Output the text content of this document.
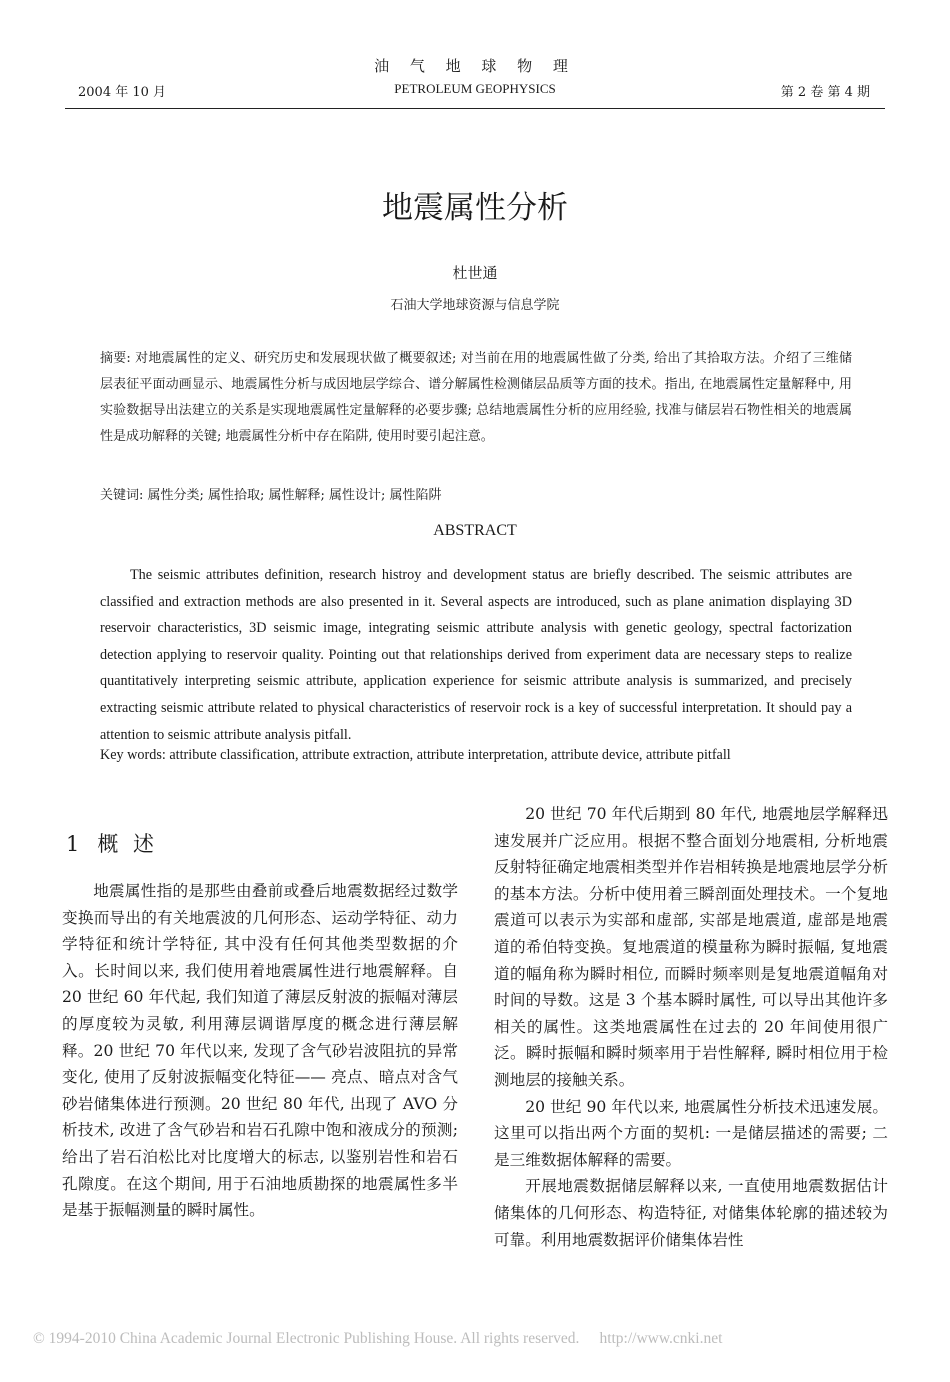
油 气 地 球 物 理
2004 年 10 月	PETROLEUM GEOPHYSICS	第 2 卷 第 4 期
地震属性分析
杜世通
石油大学地球资源与信息学院
摘要: 对地震属性的定义、研究历史和发展现状做了概要叙述; 对当前在用的地震属性做了分类, 给出了其拾取方法。介绍了三维储层表征平面动画显示、地震属性分析与成因地层学综合、谱分解属性检测储层品质等方面的技术。指出, 在地震属性定量解释中, 用实验数据导出法建立的关系是实现地震属性定量解释的必要步骤; 总结地震属性分析的应用经验, 找准与储层岩石物性相关的地震属性是成功解释的关键; 地震属性分析中存在陷阱, 使用时要引起注意。
关键词: 属性分类; 属性拾取; 属性解释; 属性设计; 属性陷阱
ABSTRACT
The seismic attributes definition, research histroy and development status are briefly described. The seismic attributes are classified and extraction methods are also presented in it. Several aspects are introduced, such as plane animation displaying 3D reservoir characteristics, 3D seismic image, integrating seismic attribute analysis with genetic geology, spectral factorization detection applying to reservoir quality. Pointing out that relationships derived from experiment data are necessary steps to realize quantitatively interpreting seismic attribute, application experience for seismic attribute analysis is summarized, and precisely extracting seismic attribute related to physical characteristics of reservoir rock is a key of successful interpretation. It should pay a attention to seismic attribute analysis pitfall.
Key words: attribute classification, attribute extraction, attribute interpretation, attribute device, attribute pitfall
1 概 述

地震属性指的是那些由叠前或叠后地震数据经过数学变换而导出的有关地震波的几何形态、运动学特征、动力学特征和统计学特征, 其中没有任何其他类型数据的介入。长时间以来, 我们使用着地震属性进行地震解释。自 20 世纪 60 年代起, 我们知道了薄层反射波的振幅对薄层的厚度较为灵敏, 利用薄层调谐厚度的概念进行薄层解释。20 世纪 70 年代以来, 发现了含气砂岩波阻抗的异常变化, 使用了反射波振幅变化特征—— 亮点、暗点对含气砂岩储集体进行预测。20 世纪 80 年代, 出现了 AVO 分析技术, 改进了含气砂岩和岩石孔隙中饱和液成分的预测; 给出了岩石泊松比对比度增大的标志, 以鉴别岩性和岩石孔隙度。在这个期间, 用于石油地质勘探的地震属性多半是基于振幅测量的瞬时属性。

20 世纪 70 年代后期到 80 年代, 地震地层学解释迅速发展并广泛应用。根据不整合面划分地震相, 分析地震反射特征确定地震相类型并作岩相转换是地震地层学分析的基本方法。分析中使用着三瞬剖面处理技术。一个复地震道可以表示为实部和虚部, 实部是地震道, 虚部是地震道的希伯特变换。复地震道的模量称为瞬时振幅, 复地震道的幅角称为瞬时相位, 而瞬时频率则是复地震道幅角对时间的导数。这是 3 个基本瞬时属性, 可以导出其他许多相关的属性。这类地震属性在过去的 20 年间使用很广泛。瞬时振幅和瞬时频率用于岩性解释, 瞬时相位用于检测地层的接触关系。

20 世纪 90 年代以来, 地震属性分析技术迅速发展。这里可以指出两个方面的契机: 一是储层描述的需要; 二是三维数据体解释的需要。

开展地震数据储层解释以来, 一直使用地震数据估计储集体的几何形态、构造特征, 对储集体轮廓的描述较为可靠。利用地震数据评价储集体岩性

© 1994-2010 China Academic Journal Electronic Publishing House. All rights reserved. http://www.cnki.net
